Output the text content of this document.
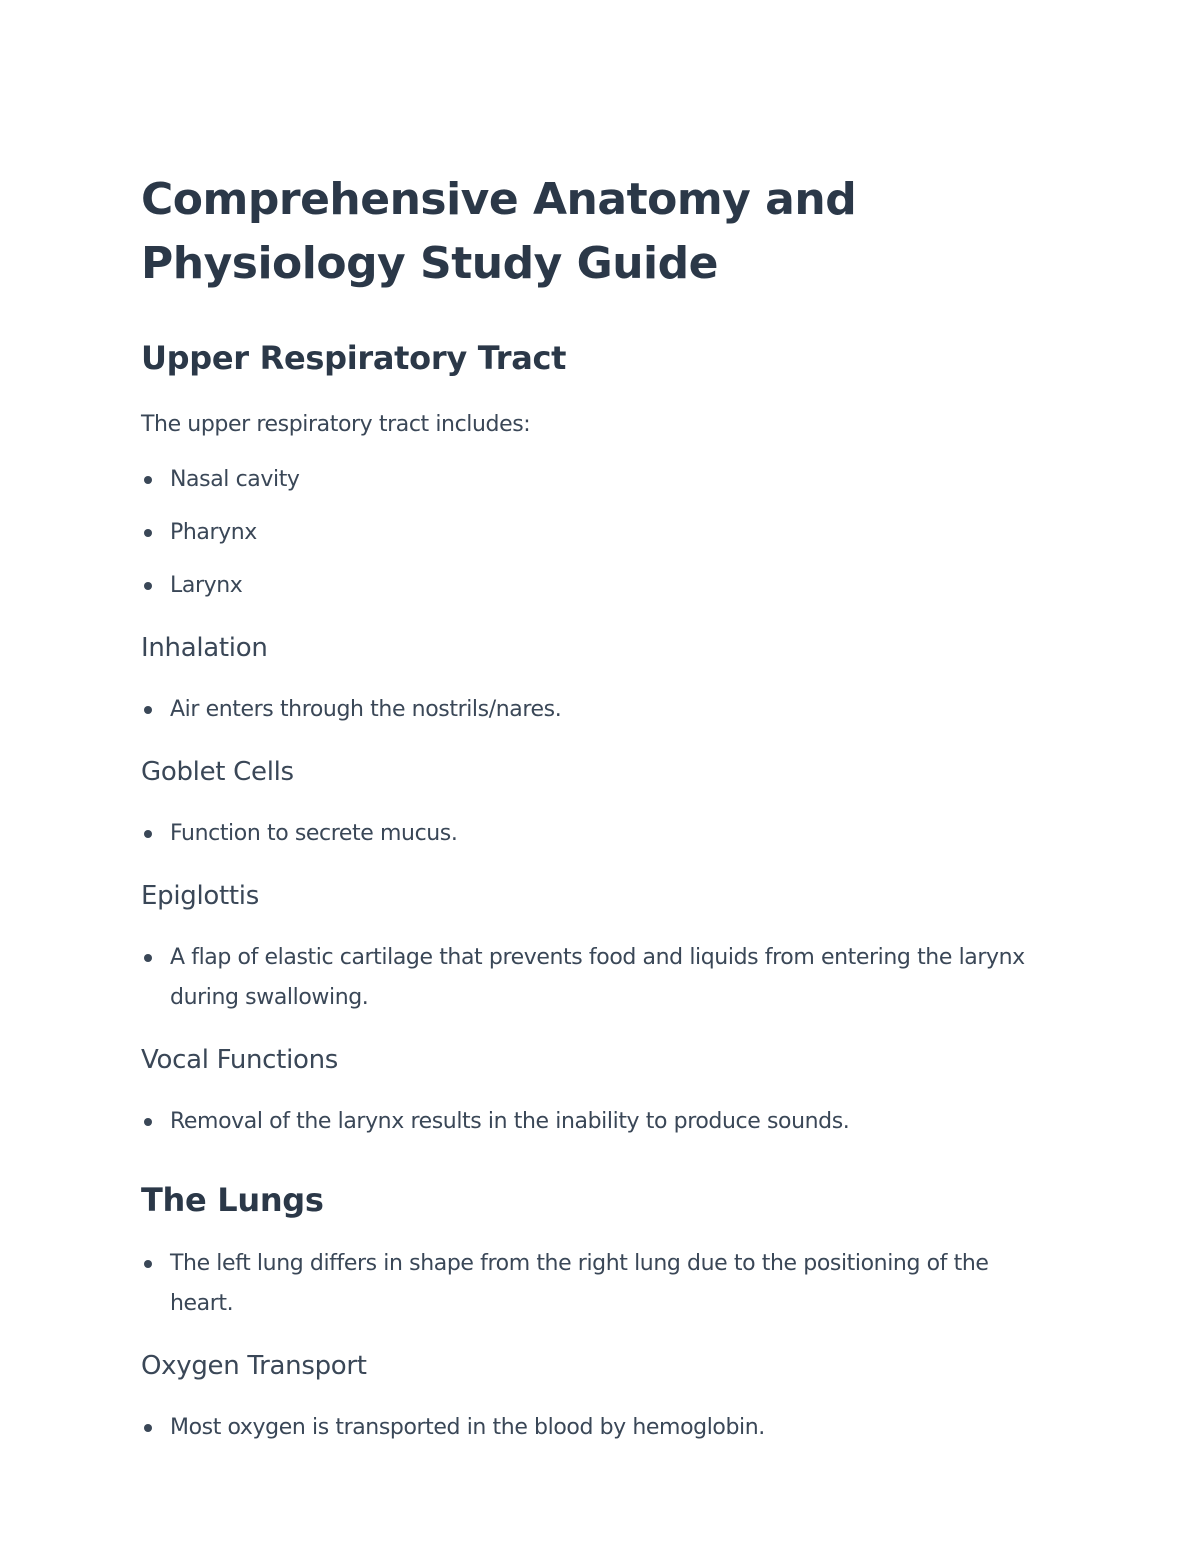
Comprehensive Anatomy and Physiology Study Guide
Upper Respiratory Tract

The upper respiratory tract includes:

Nasal cavity
Pharynx
Larynx
Inhalation
Air enters through the nostrils/nares.
Goblet Cells
Function to secrete mucus.
Epiglottis
A flap of elastic cartilage that prevents food and liquids from entering the larynx during swallowing.
Vocal Functions
Removal of the larynx results in the inability to produce sounds.
The Lungs
The left lung differs in shape from the right lung due to the positioning of the heart.
Oxygen Transport
Most oxygen is transported in the blood by hemoglobin.
